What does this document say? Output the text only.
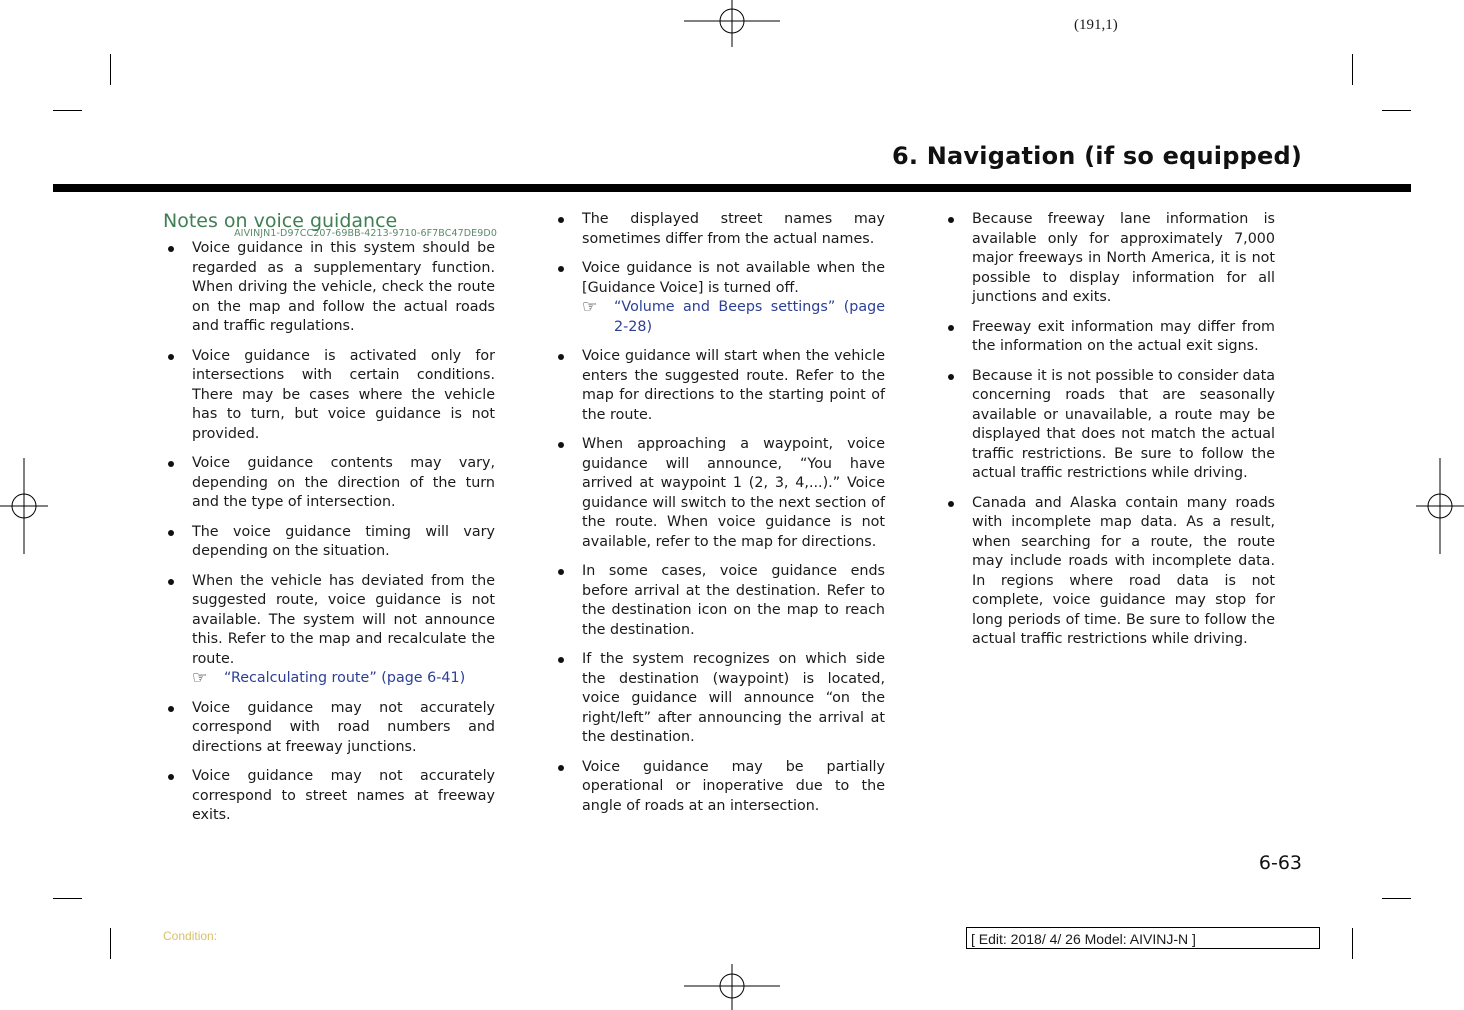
(191,1)
6. Navigation (if so equipped)
Notes on voice guidance
AIVINJN1-D97CC207-69BB-4213-9710-6F7BC47DE9D0
Voice guidance in this system should be regarded as a supplementary function. When driving the vehicle, check the route on the map and follow the actual roads and traffic regulations.
Voice guidance is activated only for intersections with certain conditions. There may be cases where the vehicle has to turn, but voice guidance is not provided.
Voice guidance contents may vary, depending on the direction of the turn and the type of intersection.
The voice guidance timing will vary depending on the situation.
When the vehicle has deviated from the suggested route, voice guidance is not available. The system will not announce this. Refer to the map and recalculate the route.
☞ “Recalculating route” (page 6-41)
Voice guidance may not accurately correspond with road numbers and directions at freeway junctions.
Voice guidance may not accurately correspond to street names at freeway exits.
The displayed street names may sometimes differ from the actual names.
Voice guidance is not available when the [Guidance Voice] is turned off.
☞ “Volume and Beeps settings” (page 2-28)
Voice guidance will start when the vehicle enters the suggested route. Refer to the map for directions to the starting point of the route.
When approaching a waypoint, voice guidance will announce, “You have arrived at waypoint 1 (2, 3, 4,...).” Voice guidance will switch to the next section of the route. When voice guidance is not available, refer to the map for directions.
In some cases, voice guidance ends before arrival at the destination. Refer to the destination icon on the map to reach the destination.
If the system recognizes on which side the destination (waypoint) is located, voice guidance will announce “on the right/left” after announcing the arrival at the destination.
Voice guidance may be partially operational or inoperative due to the angle of roads at an intersection.
Because freeway lane information is available only for approximately 7,000 major freeways in North America, it is not possible to display information for all junctions and exits.
Freeway exit information may differ from the information on the actual exit signs.
Because it is not possible to consider data concerning roads that are seasonally available or unavailable, a route may be displayed that does not match the actual traffic restrictions. Be sure to follow the actual traffic restrictions while driving.
Canada and Alaska contain many roads with incomplete map data. As a result, when searching for a route, the route may include roads with incomplete data. In regions where road data is not complete, voice guidance may stop for long periods of time. Be sure to follow the actual traffic restrictions while driving.
6-63
Condition:	[ Edit: 2018/ 4/ 26 Model: AIVINJ-N ]
